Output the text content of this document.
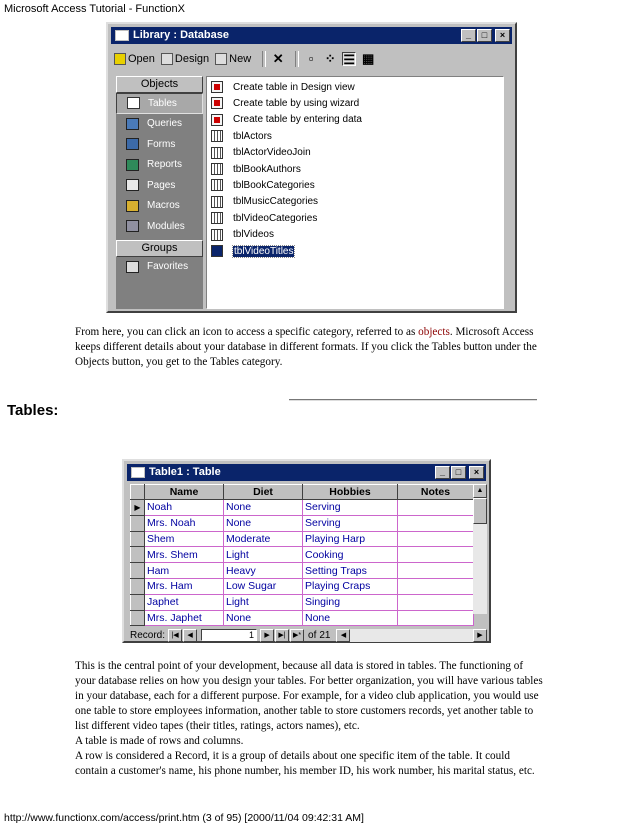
Microsoft Access Tutorial - FunctionX
Library : Database	_	□	×
Open Design New ✕	▫ ⁘ ☰ ▦
Objects
Tables
Queries
Forms
Reports
Pages
Macros
Modules
Groups
Favorites
Create table in Design view
Create table by using wizard
Create table by entering data
tblActors
tblActorVideoJoin
tblBookAuthors
tblBookCategories
tblMusicCategories
tblVideoCategories
tblVideos
tblVideoTitles
From here, you can click an icon to access a specific category, referred to as objects. Microsoft Access keeps different details about your database in different formats. If you click the Tables button under the Objects button, you get to the Tables category.
Tables:
Table1 : Table	_	□	×
	Name	Diet	Hobbies	Notes
▶	Noah	None	Serving	
	Mrs. Noah	None	Serving	
	Shem	Moderate	Playing Harp	
	Mrs. Shem	Light	Cooking	
	Ham	Heavy	Setting Traps	
	Mrs. Ham	Low Sugar	Playing Craps	
	Japhet	Light	Singing	
	Mrs. Japhet	None	None	
▲
Record: |◀	◀	1	▶	▶|	▶* of 21	◀	▶
This is the central point of your development, because all data is stored in tables. The functioning of your database relies on how you design your tables. For better organization, you will have various tables in your database, each for a different purpose. For example, for a video club application, you would use one table to store employees information, another table to store customers records, yet another table to list different video tapes (their titles, ratings, actors names), etc.
A table is made of rows and columns.
A row is considered a Record, it is a group of details about one specific item of the table. It could contain a customer's name, his phone number, his member ID, his work number, his marital status, etc.
http://www.functionx.com/access/print.htm (3 of 95) [2000/11/04 09:42:31 AM]
